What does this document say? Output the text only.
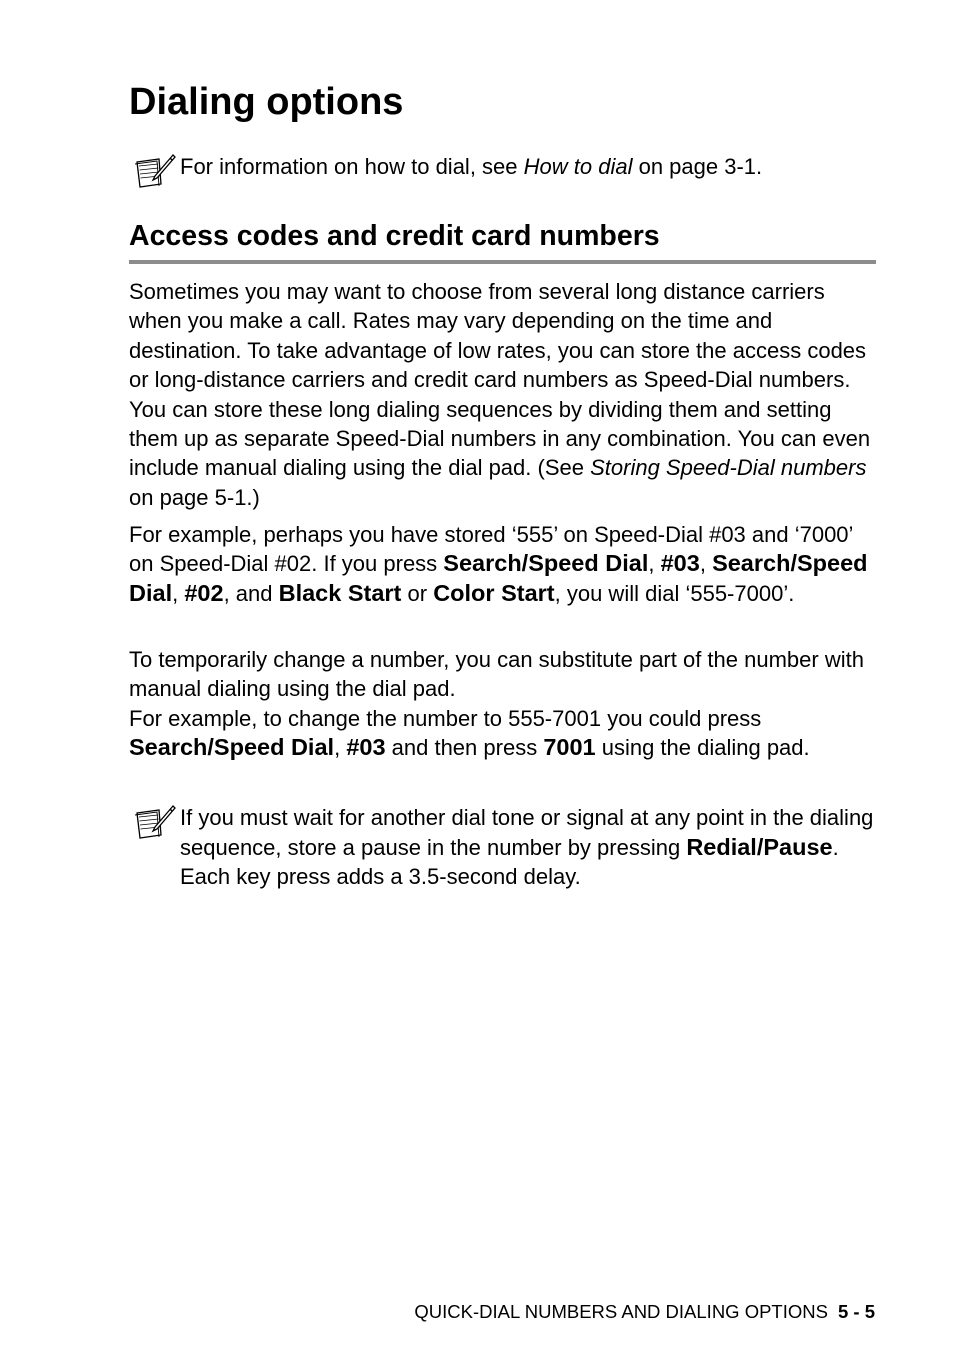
Dialing options
For information on how to dial, see How to dial on page 3-1.
Access codes and credit card numbers

Sometimes you may want to choose from several long distance carriers when you make a call. Rates may vary depending on the time and destination. To take advantage of low rates, you can store the access codes or long-distance carriers and credit card numbers as Speed-Dial numbers. You can store these long dialing sequences by dividing them and setting them up as separate Speed-Dial numbers in any combination. You can even include manual dialing using the dial pad. (See Storing Speed-Dial numbers on page 5-1.)

For example, perhaps you have stored ‘555’ on Speed-Dial #03 and ‘7000’ on Speed-Dial #02. If you press Search/Speed Dial, #03, Search/Speed Dial, #02, and Black Start or Color Start, you will dial ‘555-7000’.

To temporarily change a number, you can substitute part of the number with manual dialing using the dial pad.
For example, to change the number to 555-7001 you could press Search/Speed Dial, #03 and then press 7001 using the dialing pad.
If you must wait for another dial tone or signal at any point in the dialing sequence, store a pause in the number by pressing Redial/Pause. Each key press adds a 3.5-second delay.
QUICK-DIAL NUMBERS AND DIALING OPTIONS 5 - 5
